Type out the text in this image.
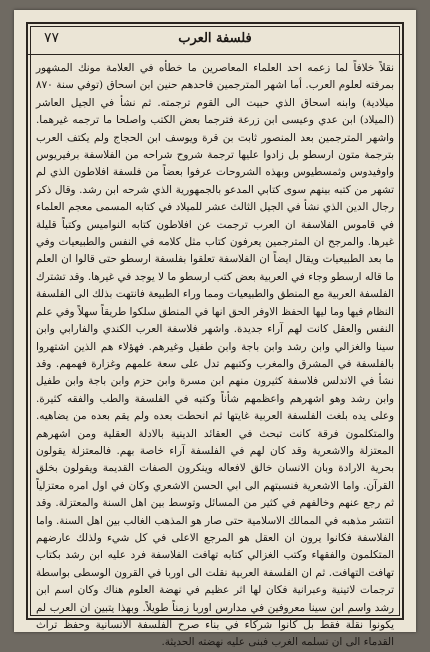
٧٧	فلسفة العرب

نقلاً خلافاً لما زعمه احد العلماء المعاصرين ما خطأه في العلامة مونك المشهور بمرفته لعلوم العرب. أما اشهر المترجمين فاحدهم حنين ابن اسحاق (توفي سنة ٨٧٠ ميلادية) وابنه اسحاق الذي حبيت الى القوم ترجمته. ثم نشأ في الجيل العاشر (الميلاد) ابن عدي وعيسى ابن زرعة فترجما بعض الكتب واصلحا ما ترجمه غيرهما. واشهر المترجمين بعد المنصور ثابت بن قرة ويوسف ابن الحجاج ولم يكتف العرب بترجمة متون ارسطو بل زادوا عليها ترجمة شروح شراحه من الفلاسفة برفيريوس واوفيدوس وثمسطيوس وبهذه الشروحات عرفوا بعضاً من فلسفة افلاطون الذي لم تشهر من كتبه بينهم سوى كتابي المدعو بالجمهورية الذي شرحه ابن رشد. وقال ذكر رجال الدين الذي نشأ في الجيل الثالث عشر للميلاد في كتابه المسمى معجم العلماء في قاموس الفلاسفة ان العرب ترجمت عن افلاطون كتابه النواميس وكتباً قليلة غيرها. والمرجح ان المترجمين يعرفون كتاب مثل كلامه في النفس والطبيعيات وفي ما بعد الطبيعيات ويقال ايضاً ان الفلاسفة تعلقوا بفلسفة ارسطو حتى قالوا ان العلم ما قاله ارسطو وجاء في العربية بعض كتب ارسطو ما لا يوجد في غيرها. وقد تشترك الفلسفة العربية مع المنطق والطبيعيات ومما وراء الطبيعة فانتهت بذلك الى الفلسفة النظام فيها وما ليها الحفظ الاوفر الحق انها في المنطق سلكوا طريقاً سهلاً وفي علم النفس والعقل كانت لهم آراء جديدة. واشهر فلاسفة العرب الكندي والفارابي وابن سينا والغزالي وابن رشد وابن باجة وابن طفيل وغيرهم. فهؤلاء هم الذين اشتهروا بالفلسفة في المشرق والمغرب وكتبهم تدل على سعة علمهم وغزارة فهمهم. وقد نشأ في الاندلس فلاسفة كثيرون منهم ابن مسرة وابن حزم وابن باجة وابن طفيل وابن رشد وهو اشهرهم واعظمهم شأناً وكتبه في الفلسفة والطب والفقه كثيرة. وعلى يده بلغت الفلسفة العربية غايتها ثم انحطت بعده ولم يقم بعده من يضاهيه. والمتكلمون فرقة كانت تبحث في العقائد الدينية بالادلة العقلية ومن اشهرهم المعتزلة والاشعرية وقد كان لهم في الفلسفة آراء خاصة بهم. فالمعتزلة يقولون بحرية الارادة وبان الانسان خالق لافعاله وينكرون الصفات القديمة ويقولون بخلق القرآن. واما الاشعرية فنسبتهم الى ابي الحسن الاشعري وكان في اول امره معتزلياً ثم رجع عنهم وخالفهم في كثير من المسائل وتوسط بين اهل السنة والمعتزلة. وقد انتشر مذهبه في الممالك الاسلامية حتى صار هو المذهب الغالب بين اهل السنة. واما الفلاسفة فكانوا يرون ان العقل هو المرجع الاعلى في كل شيء ولذلك عارضهم المتكلمون والفقهاء وكتب الغزالي كتابه تهافت الفلاسفة فرد عليه ابن رشد بكتاب تهافت التهافت. ثم ان الفلسفة العربية نقلت الى اوربا في القرون الوسطى بواسطة ترجمات لاتينية وعبرانية فكان لها اثر عظيم في نهضة العلوم هناك وكان اسم ابن رشد واسم ابن سينا معروفين في مدارس اوربا زمناً طويلاً. وبهذا يتبين ان العرب لم يكونوا نقلة فقط بل كانوا شركاء في بناء صرح الفلسفة الانسانية وحفظ تراث القدماء الى ان تسلمه الغرب فبنى عليه نهضته الحديثة.
